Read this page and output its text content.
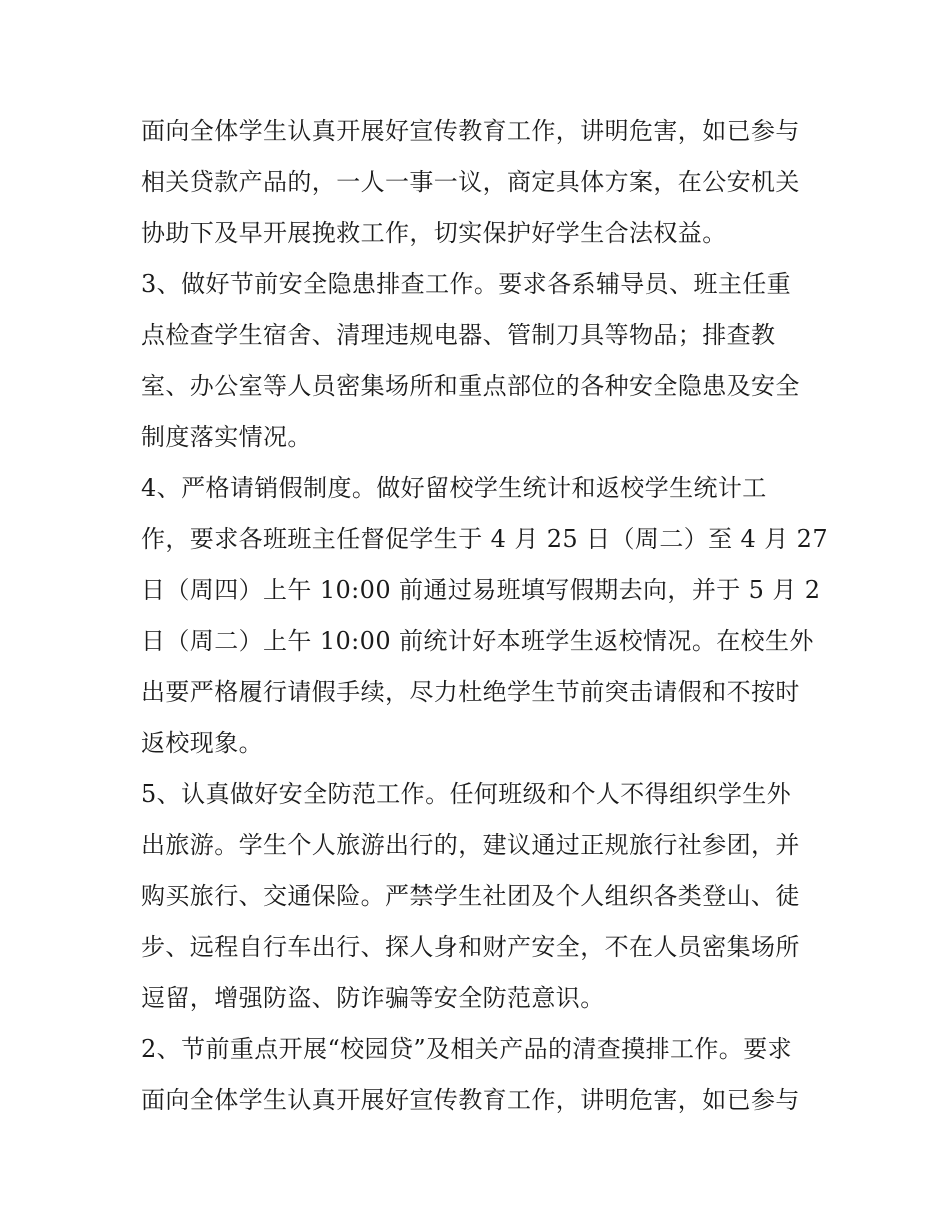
面向全体学生认真开展好宣传教育工作，讲明危害，如已参与
相关贷款产品的，一人一事一议，商定具体方案，在公安机关
协助下及早开展挽救工作，切实保护好学生合法权益。
3、做好节前安全隐患排查工作。要求各系辅导员、班主任重
点检查学生宿舍、清理违规电器、管制刀具等物品；排查教
室、办公室等人员密集场所和重点部位的各种安全隐患及安全
制度落实情况。
4、严格请销假制度。做好留校学生统计和返校学生统计工
作，要求各班班主任督促学生于 4 月 25 日（周二）至 4 月 27
日（周四）上午 10:00 前通过易班填写假期去向，并于 5 月 2
日（周二）上午 10:00 前统计好本班学生返校情况。在校生外
出要严格履行请假手续，尽力杜绝学生节前突击请假和不按时
返校现象。
5、认真做好安全防范工作。任何班级和个人不得组织学生外
出旅游。学生个人旅游出行的，建议通过正规旅行社参团，并
购买旅行、交通保险。严禁学生社团及个人组织各类登山、徒
步、远程自行车出行、探人身和财产安全，不在人员密集场所
逗留，增强防盗、防诈骗等安全防范意识。
2、节前重点开展“校园贷”及相关产品的清查摸排工作。要求
面向全体学生认真开展好宣传教育工作，讲明危害，如已参与
